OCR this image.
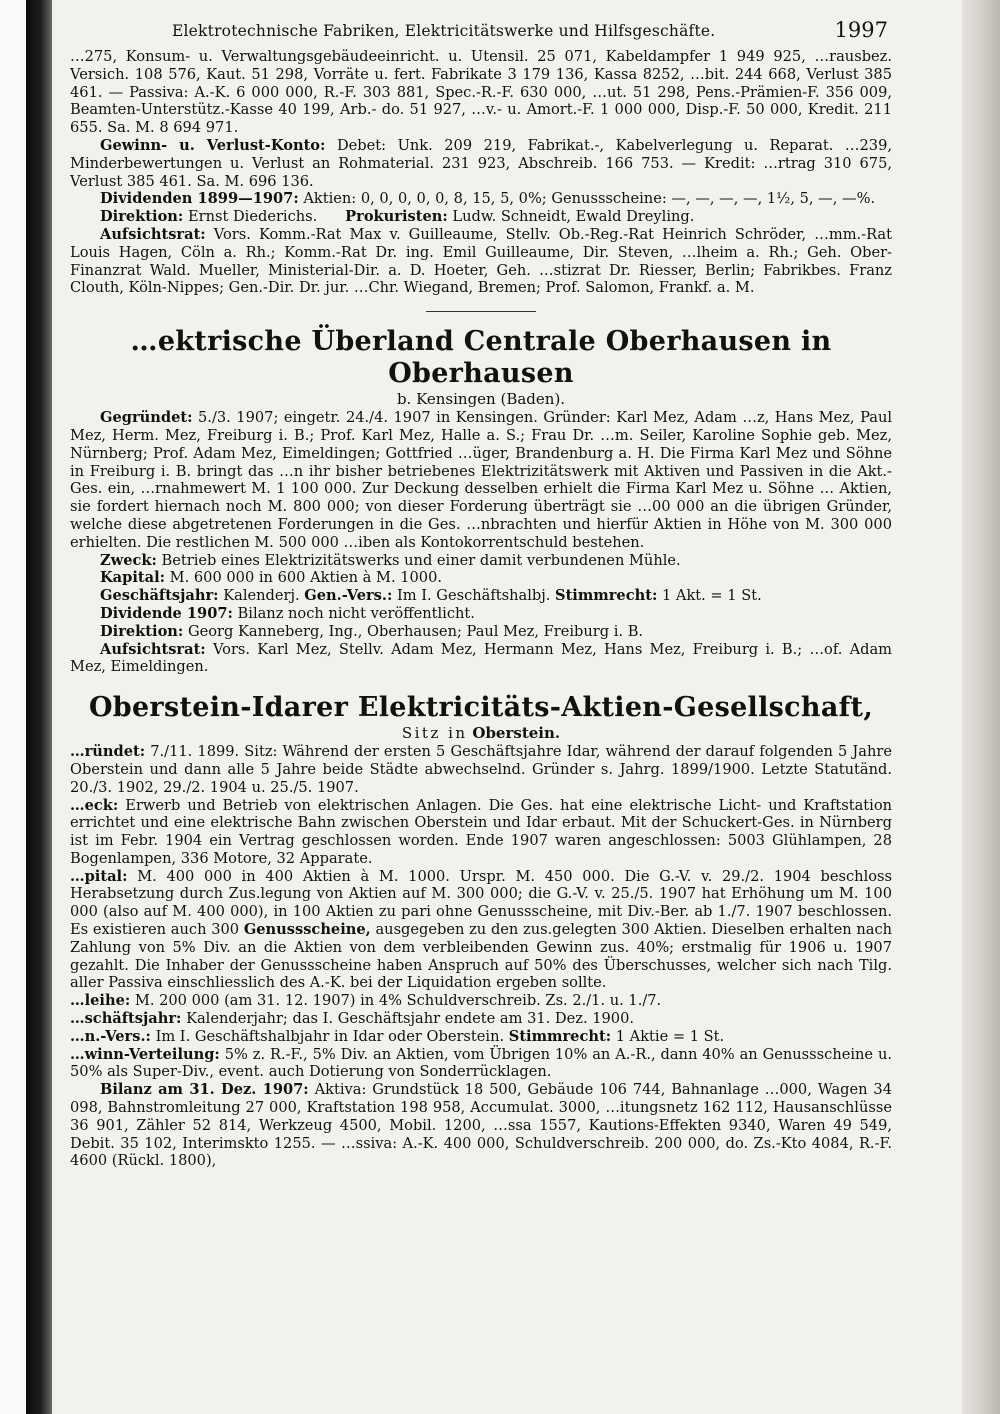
Elektrotechnische Fabriken, Elektricitätswerke und Hilfsgeschäfte.	1997

…275, Konsum- u. Verwaltungsgebäudeeinricht. u. Utensil. 25 071, Kabeldampfer 1 949 925, …rausbez. Versich. 108 576, Kaut. 51 298, Vorräte u. fert. Fabrikate 3 179 136, Kassa 8252, …bit. 244 668, Verlust 385 461. — Passiva: A.-K. 6 000 000, R.-F. 303 881, Spec.-R.-F. 630 000, …ut. 51 298, Pens.-Prämien-F. 356 009, Beamten-Unterstütz.-Kasse 40 199, Arb.- do. 51 927, …v.- u. Amort.-F. 1 000 000, Disp.-F. 50 000, Kredit. 211 655. Sa. M. 8 694 971.

Gewinn- u. Verlust-Konto: Debet: Unk. 209 219, Fabrikat.-, Kabelverlegung u. Reparat. …239, Minderbewertungen u. Verlust an Rohmaterial. 231 923, Abschreib. 166 753. — Kredit: …rtrag 310 675, Verlust 385 461. Sa. M. 696 136.

Dividenden 1899—1907: Aktien: 0, 0, 0, 0, 0, 8, 15, 5, 0%; Genussscheine: —, —, —, —, 1½, 5, —, —%.

Direktion: Ernst Diederichs. Prokuristen: Ludw. Schneidt, Ewald Dreyling.

Aufsichtsrat: Vors. Komm.-Rat Max v. Guilleaume, Stellv. Ob.-Reg.-Rat Heinrich Schröder, …mm.-Rat Louis Hagen, Cöln a. Rh.; Komm.-Rat Dr. ing. Emil Guilleaume, Dir. Steven, …lheim a. Rh.; Geh. Ober-Finanzrat Wald. Mueller, Ministerial-Dir. a. D. Hoeter, Geh. …stizrat Dr. Riesser, Berlin; Fabrikbes. Franz Clouth, Köln-Nippes; Gen.-Dir. Dr. jur. …Chr. Wiegand, Bremen; Prof. Salomon, Frankf. a. M.

…ektrische Überland Centrale Oberhausen in Oberhausen
b. Kensingen (Baden).

Gegründet: 5./3. 1907; eingetr. 24./4. 1907 in Kensingen. Gründer: Karl Mez, Adam …z, Hans Mez, Paul Mez, Herm. Mez, Freiburg i. B.; Prof. Karl Mez, Halle a. S.; Frau Dr. …m. Seiler, Karoline Sophie geb. Mez, Nürnberg; Prof. Adam Mez, Eimeldingen; Gottfried …üger, Brandenburg a. H. Die Firma Karl Mez und Söhne in Freiburg i. B. bringt das …n ihr bisher betriebenes Elektrizitätswerk mit Aktiven und Passiven in die Akt.-Ges. ein, …rnahmewert M. 1 100 000. Zur Deckung desselben erhielt die Firma Karl Mez u. Söhne … Aktien, sie fordert hiernach noch M. 800 000; von dieser Forderung überträgt sie …00 000 an die übrigen Gründer, welche diese abgetretenen Forderungen in die Ges. …nbrachten und hierfür Aktien in Höhe von M. 300 000 erhielten. Die restlichen M. 500 000 …iben als Kontokorrentschuld bestehen.

Zweck: Betrieb eines Elektrizitätswerks und einer damit verbundenen Mühle.

Kapital: M. 600 000 in 600 Aktien à M. 1000.

Geschäftsjahr: Kalenderj. Gen.-Vers.: Im I. Geschäftshalbj. Stimmrecht: 1 Akt. = 1 St.

Dividende 1907: Bilanz noch nicht veröffentlicht.

Direktion: Georg Kanneberg, Ing., Oberhausen; Paul Mez, Freiburg i. B.

Aufsichtsrat: Vors. Karl Mez, Stellv. Adam Mez, Hermann Mez, Hans Mez, Freiburg i. B.; …of. Adam Mez, Eimeldingen.

Oberstein-Idarer Elektricitäts-Aktien-Gesellschaft,
Sitz in Oberstein.

…ründet: 7./11. 1899. Sitz: Während der ersten 5 Geschäftsjahre Idar, während der darauf folgenden 5 Jahre Oberstein und dann alle 5 Jahre beide Städte abwechselnd. Gründer s. Jahrg. 1899/1900. Letzte Statutänd. 20./3. 1902, 29./2. 1904 u. 25./5. 1907.

…eck: Erwerb und Betrieb von elektrischen Anlagen. Die Ges. hat eine elektrische Licht- und Kraftstation errichtet und eine elektrische Bahn zwischen Oberstein und Idar erbaut. Mit der Schuckert-Ges. in Nürnberg ist im Febr. 1904 ein Vertrag geschlossen worden. Ende 1907 waren angeschlossen: 5003 Glühlampen, 28 Bogenlampen, 336 Motore, 32 Apparate.

…pital: M. 400 000 in 400 Aktien à M. 1000. Urspr. M. 450 000. Die G.-V. v. 29./2. 1904 beschloss Herabsetzung durch Zus.legung von Aktien auf M. 300 000; die G.-V. v. 25./5. 1907 hat Erhöhung um M. 100 000 (also auf M. 400 000), in 100 Aktien zu pari ohne Genussscheine, mit Div.-Ber. ab 1./7. 1907 beschlossen. Es existieren auch 300 Genussscheine, ausgegeben zu den zus.gelegten 300 Aktien. Dieselben erhalten nach Zahlung von 5% Div. an die Aktien von dem verbleibenden Gewinn zus. 40%; erstmalig für 1906 u. 1907 gezahlt. Die Inhaber der Genussscheine haben Anspruch auf 50% des Überschusses, welcher sich nach Tilg. aller Passiva einschliesslich des A.-K. bei der Liquidation ergeben sollte.

…leihe: M. 200 000 (am 31. 12. 1907) in 4% Schuldverschreib. Zs. 2./1. u. 1./7.

…schäftsjahr: Kalenderjahr; das I. Geschäftsjahr endete am 31. Dez. 1900.

…n.-Vers.: Im I. Geschäftshalbjahr in Idar oder Oberstein. Stimmrecht: 1 Aktie = 1 St.

…winn-Verteilung: 5% z. R.-F., 5% Div. an Aktien, vom Übrigen 10% an A.-R., dann 40% an Genussscheine u. 50% als Super-Div., event. auch Dotierung von Sonderrücklagen.

Bilanz am 31. Dez. 1907: Aktiva: Grundstück 18 500, Gebäude 106 744, Bahnanlage …000, Wagen 34 098, Bahnstromleitung 27 000, Kraftstation 198 958, Accumulat. 3000, …itungsnetz 162 112, Hausanschlüsse 36 901, Zähler 52 814, Werkzeug 4500, Mobil. 1200, …ssa 1557, Kautions-Effekten 9340, Waren 49 549, Debit. 35 102, Interimskto 1255. — …ssiva: A.-K. 400 000, Schuldverschreib. 200 000, do. Zs.-Kto 4084, R.-F. 4600 (Rückl. 1800),
